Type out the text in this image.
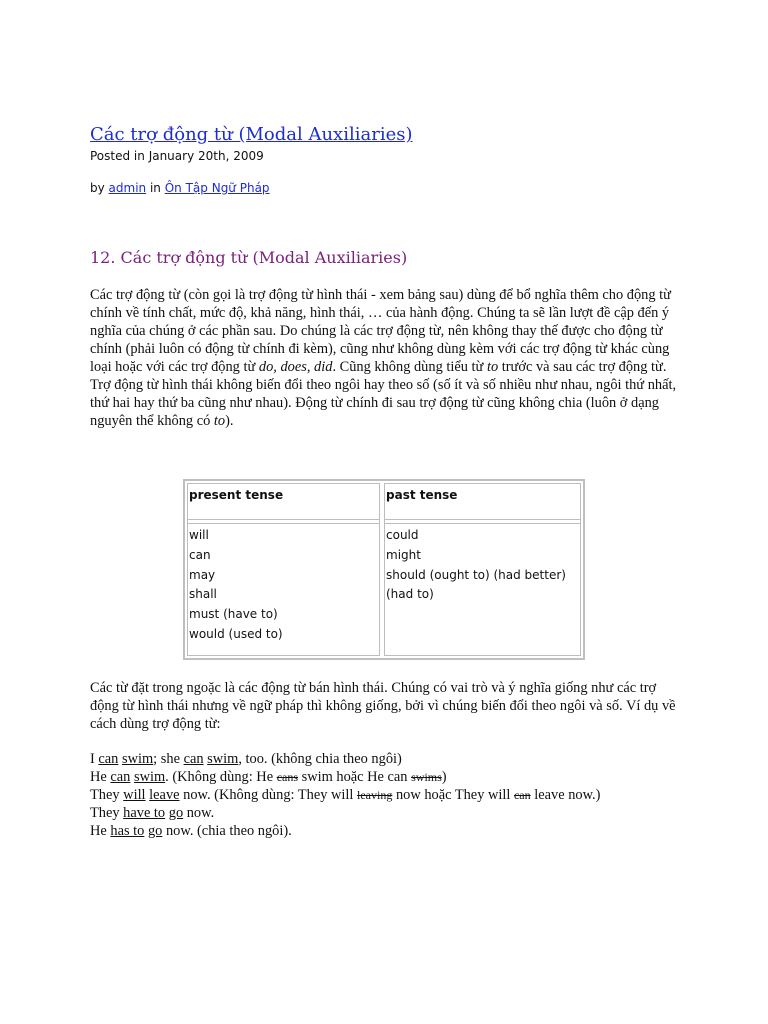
Các trợ động từ (Modal Auxiliaries)
Posted in January 20th, 2009
by admin in Ôn Tập Ngữ Pháp
12. Các trợ động từ (Modal Auxiliaries)

Các trợ động từ (còn gọi là trợ động từ hình thái - xem bảng sau) dùng để bổ nghĩa thêm cho động từ chính về tính chất, mức độ, khả năng, hình thái, … của hành động. Chúng ta sẽ lần lượt đề cập đến ý nghĩa của chúng ở các phần sau. Do chúng là các trợ động từ, nên không thay thế được cho động từ chính (phải luôn có động từ chính đi kèm), cũng như không dùng kèm với các trợ động từ khác cùng loại hoặc với các trợ động từ do, does, did. Cũng không dùng tiểu từ to trước và sau các trợ động từ. Trợ động từ hình thái không biến đổi theo ngôi hay theo số (số ít và số nhiều như nhau, ngôi thứ nhất, thứ hai hay thứ ba cũng như nhau). Động từ chính đi sau trợ động từ cũng không chia (luôn ở dạng nguyên thể không có to).

present tense
will
can
may
shall
must (have to)
would (used to)
past tense
could
might
should (ought to) (had better)
(had to)

Các từ đặt trong ngoặc là các động từ bán hình thái. Chúng có vai trò và ý nghĩa giống như các trợ động từ hình thái nhưng về ngữ pháp thì không giống, bởi vì chúng biến đổi theo ngôi và số. Ví dụ về cách dùng trợ động từ:

I can swim; she can swim, too. (không chia theo ngôi)
He can swim. (Không dùng: He cans swim hoặc He can swims)
They will leave now. (Không dùng: They will leaving now hoặc They will can leave now.)
They have to go now.
He has to go now. (chia theo ngôi).
